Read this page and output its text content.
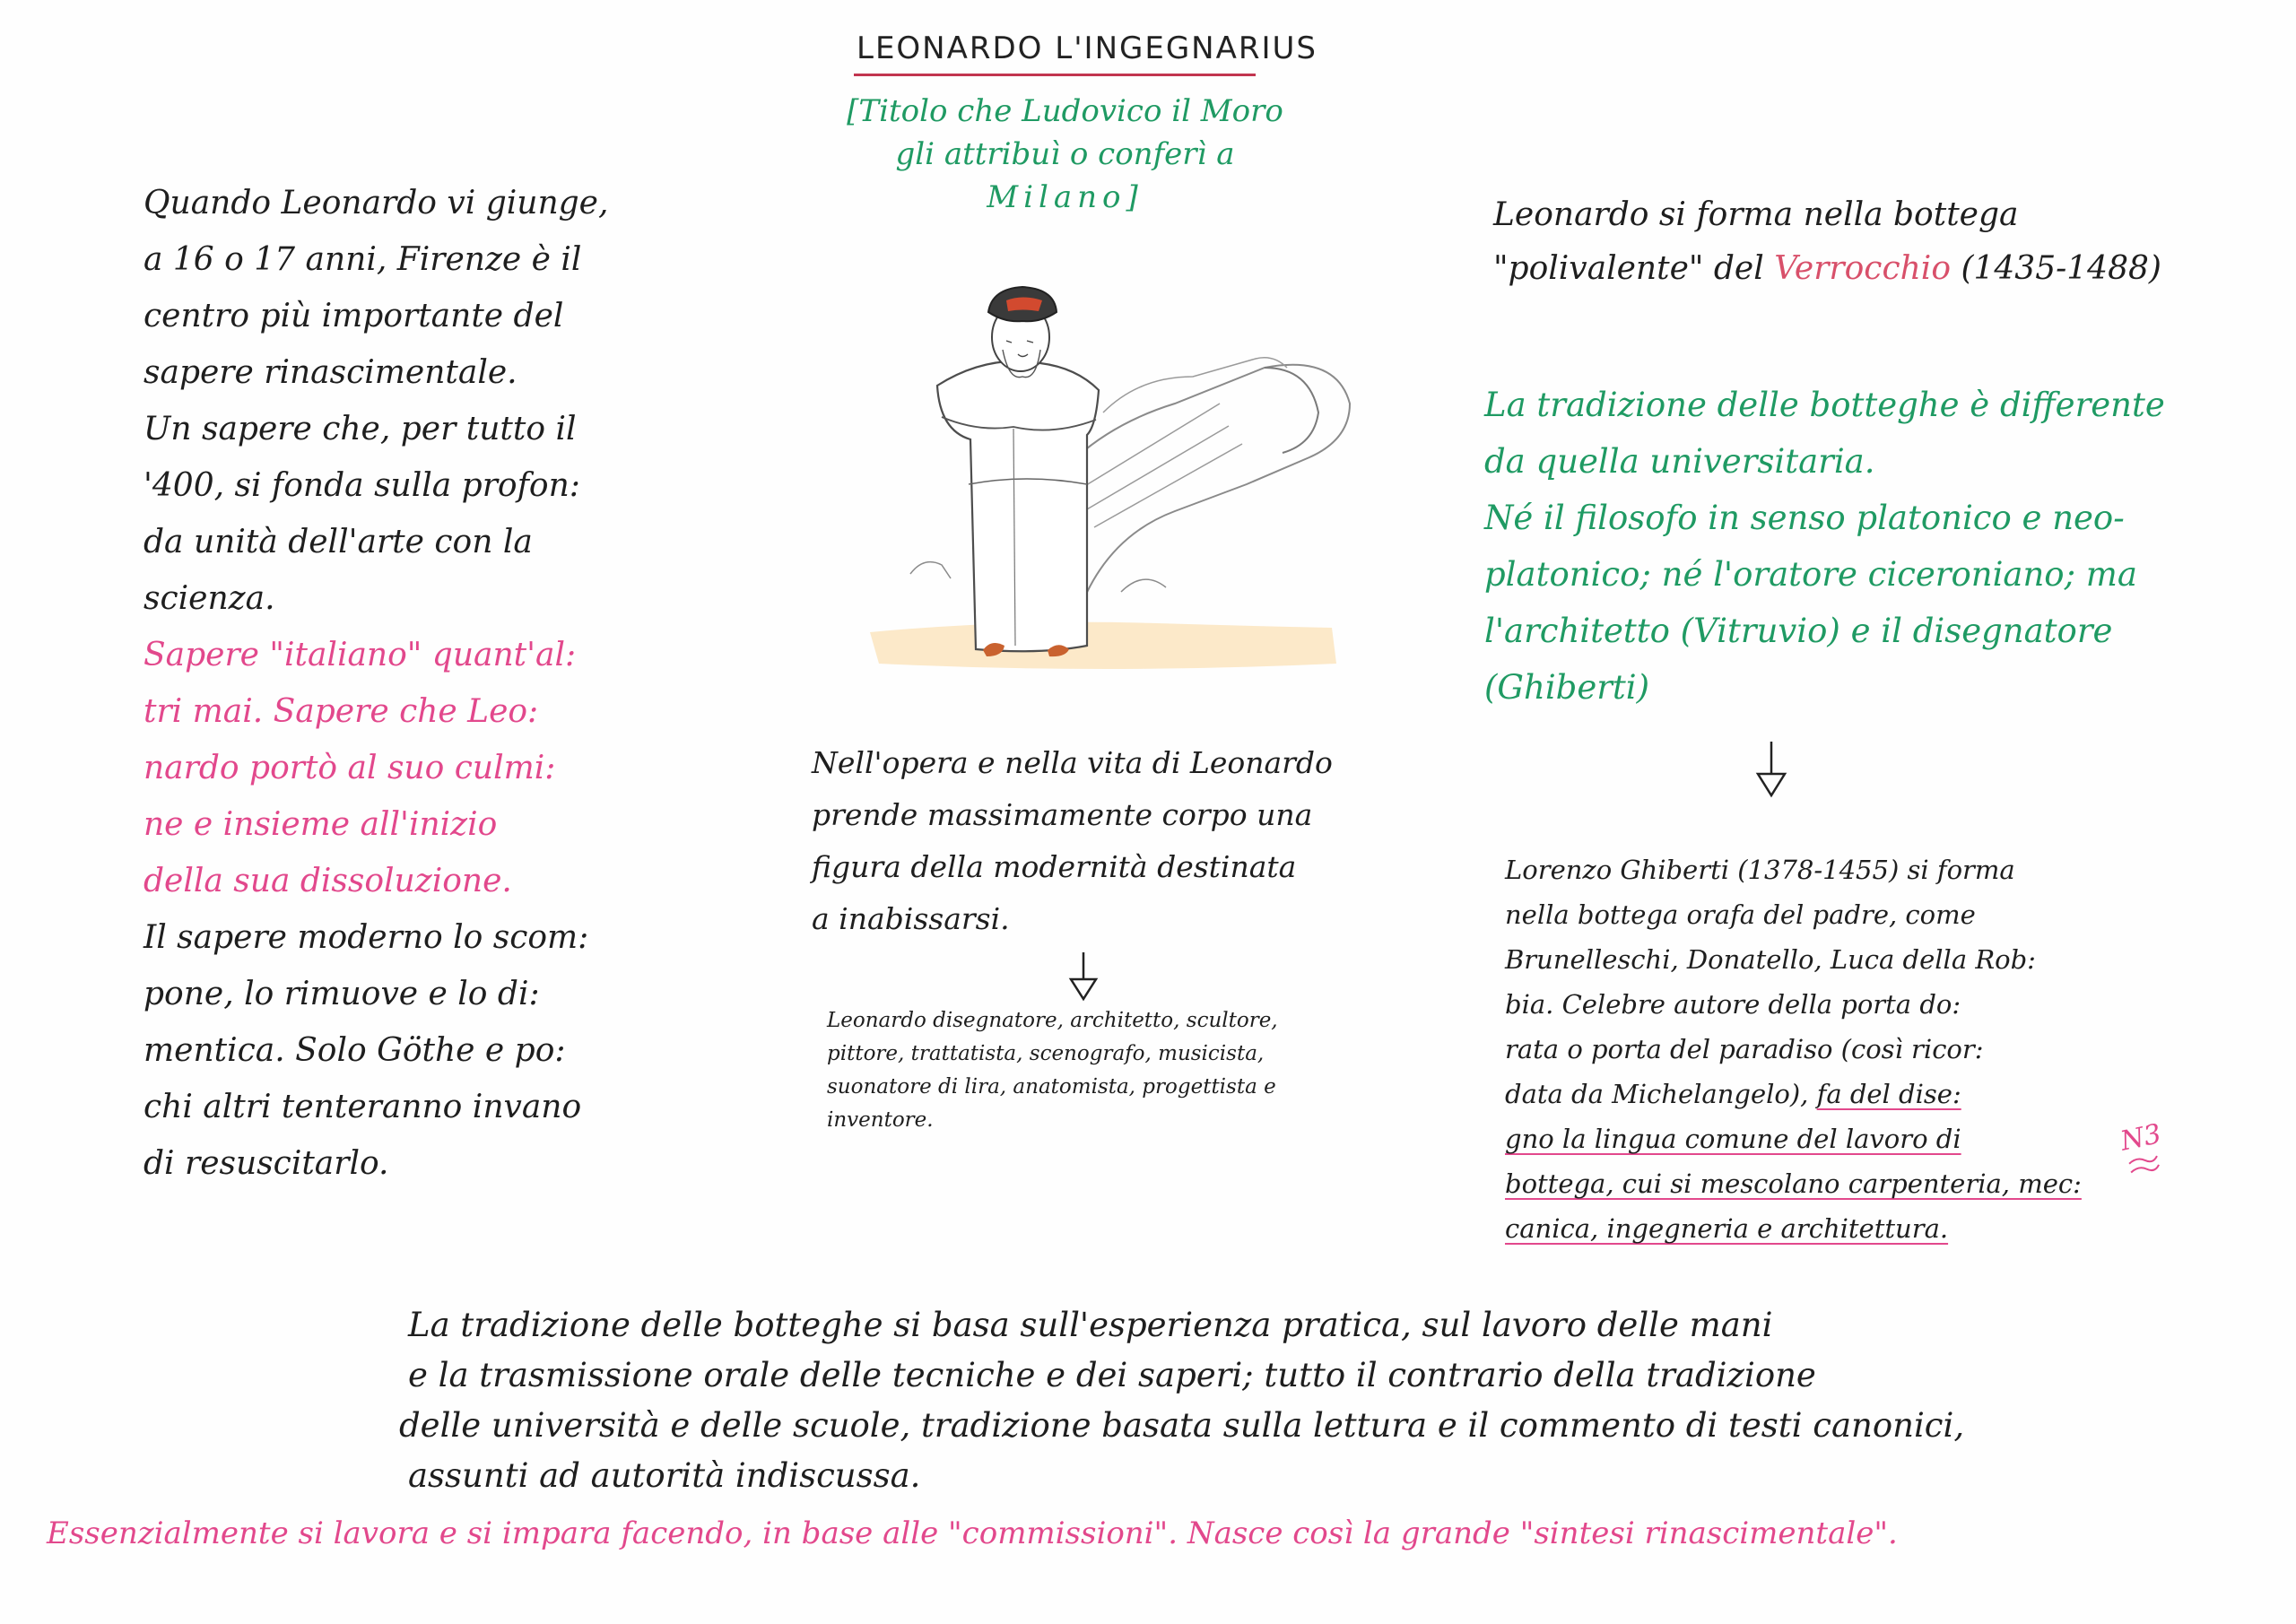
LEONARDO L'INGEGNARIUS
[Titolo che Ludovico il Moro
gli attribuì o conferì a
Milano]
Quando Leonardo vi giunge,
a 16 o 17 anni, Firenze è il
centro più importante del
sapere rinascimentale.
Un sapere che, per tutto il
'400, si fonda sulla profon:
da unità dell'arte con la
scienza.
Sapere "italiano" quant'al:
tri mai. Sapere che Leo:
nardo portò al suo culmi:
ne e insieme all'inizio
della sua dissoluzione.
Il sapere moderno lo scom:
pone, lo rimuove e lo di:
mentica. Solo Göthe e po:
chi altri tenteranno invano
di resuscitarlo.
Nell'opera e nella vita di Leonardo
prende massimamente corpo una
figura della modernità destinata
a inabissarsi.
Leonardo disegnatore, architetto, scultore,
pittore, trattatista, scenografo, musicista,
suonatore di lira, anatomista, progettista e
inventore.
Leonardo si forma nella bottega
"polivalente" del Verrocchio (1435-1488)
La tradizione delle botteghe è differente
da quella universitaria.
Né il filosofo in senso platonico e neo-
platonico; né l'oratore ciceroniano; ma
l'architetto (Vitruvio) e il disegnatore
(Ghiberti)
Lorenzo Ghiberti (1378-1455) si forma
nella bottega orafa del padre, come
Brunelleschi, Donatello, Luca della Rob:
bia. Celebre autore della porta do:
rata o porta del paradiso (così ricor:
data da Michelangelo), fa del dise:
gno la lingua comune del lavoro di
bottega, cui si mescolano carpenteria, mec:
canica, ingegneria e architettura.
N3
La tradizione delle botteghe si basa sull'esperienza pratica, sul lavoro delle mani
e la trasmissione orale delle tecniche e dei saperi; tutto il contrario della tradizione
delle università e delle scuole, tradizione basata sulla lettura e il commento di testi canonici,
assunti ad autorità indiscussa.
Essenzialmente si lavora e si impara facendo, in base alle "commissioni". Nasce così la grande "sintesi rinascimentale".
